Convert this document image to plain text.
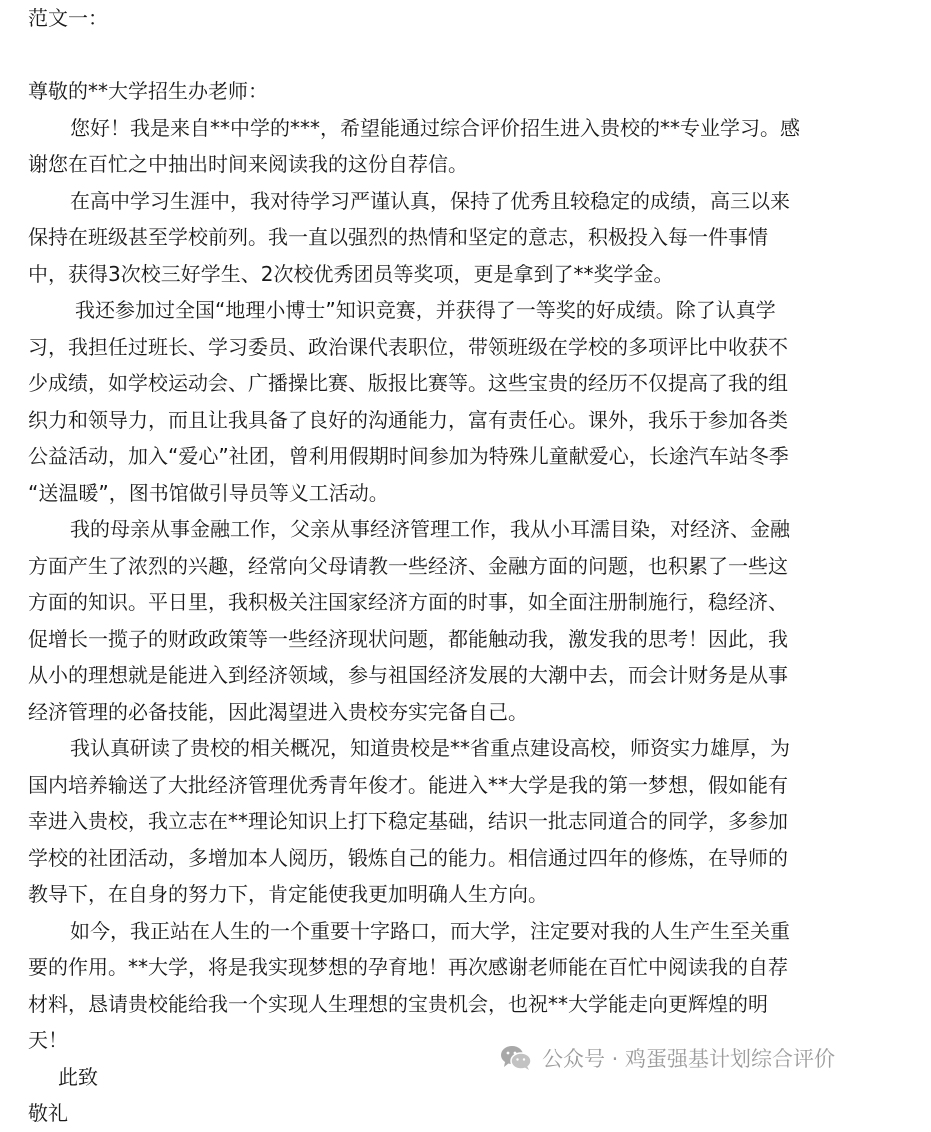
范文一：
尊敬的**大学招生办老师：
您好！我是来自**中学的***，希望能通过综合评价招生进入贵校的**专业学习。感
谢您在百忙之中抽出时间来阅读我的这份自荐信。
在高中学习生涯中，我对待学习严谨认真，保持了优秀且较稳定的成绩，高三以来
保持在班级甚至学校前列。我一直以强烈的热情和坚定的意志，积极投入每一件事情
中，获得3次校三好学生、2次校优秀团员等奖项，更是拿到了**奖学金。
我还参加过全国“地理小博士”知识竞赛，并获得了一等奖的好成绩。除了认真学
习，我担任过班长、学习委员、政治课代表职位，带领班级在学校的多项评比中收获不
少成绩，如学校运动会、广播操比赛、版报比赛等。这些宝贵的经历不仅提高了我的组
织力和领导力，而且让我具备了良好的沟通能力，富有责任心。课外，我乐于参加各类
公益活动，加入“爱心”社团，曾利用假期时间参加为特殊儿童献爱心，长途汽车站冬季
“送温暖”，图书馆做引导员等义工活动。
我的母亲从事金融工作，父亲从事经济管理工作，我从小耳濡目染，对经济、金融
方面产生了浓烈的兴趣，经常向父母请教一些经济、金融方面的问题，也积累了一些这
方面的知识。平日里，我积极关注国家经济方面的时事，如全面注册制施行，稳经济、
促增长一揽子的财政政策等一些经济现状问题，都能触动我，激发我的思考！因此，我
从小的理想就是能进入到经济领域，参与祖国经济发展的大潮中去，而会计财务是从事
经济管理的必备技能，因此渴望进入贵校夯实完备自己。
我认真研读了贵校的相关概况，知道贵校是**省重点建设高校，师资实力雄厚，为
国内培养输送了大批经济管理优秀青年俊才。能进入**大学是我的第一梦想，假如能有
幸进入贵校，我立志在**理论知识上打下稳定基础，结识一批志同道合的同学，多参加
学校的社团活动，多增加本人阅历，锻炼自己的能力。相信通过四年的修炼，在导师的
教导下，在自身的努力下，肯定能使我更加明确人生方向。
如今，我正站在人生的一个重要十字路口，而大学，注定要对我的人生产生至关重
要的作用。**大学，将是我实现梦想的孕育地！再次感谢老师能在百忙中阅读我的自荐
材料，恳请贵校能给我一个实现人生理想的宝贵机会，也祝**大学能走向更辉煌的明
天！
此致
敬礼
公众号 · 鸡蛋强基计划综合评价
